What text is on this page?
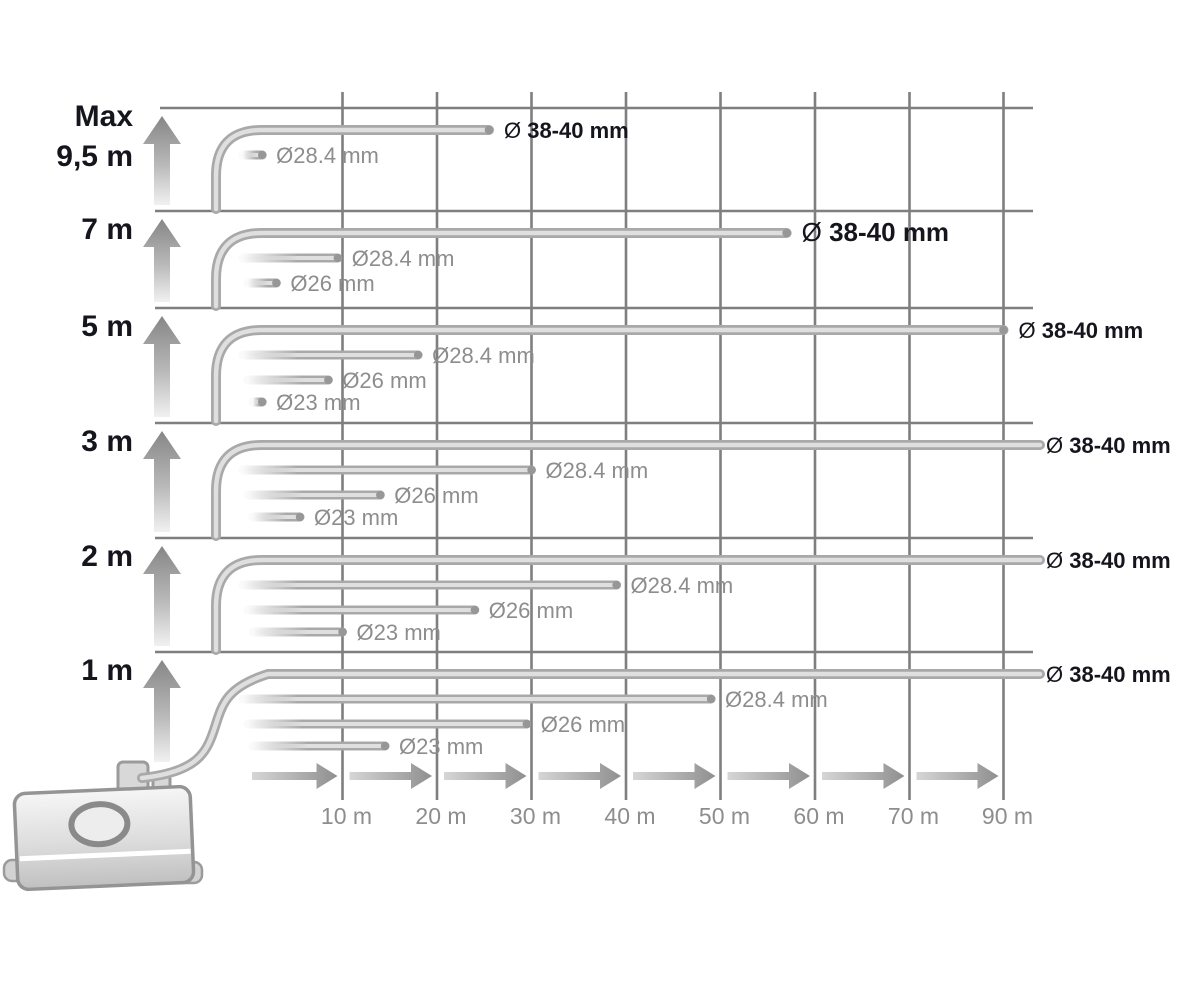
10 m 20 m 30 m 40 m 50 m 60 m 70 m 90 m
Max 9,5 m
Ø 38-40 mm
Ø28.4 mm
7 m	Ø 38-40 mm
Ø28.4 mm
Ø26 mm
5 m	Ø 38-40 mm
Ø28.4 mm
Ø26 mm
Ø23 mm
3 m	Ø 38-40 mm
Ø28.4 mm
Ø26 mm
Ø23 mm
2 m	Ø 38-40 mm
Ø28.4 mm
Ø26 mm
Ø23 mm
1 m	Ø 38-40 mm
Ø28.4 mm
Ø26 mm
Ø23 mm
